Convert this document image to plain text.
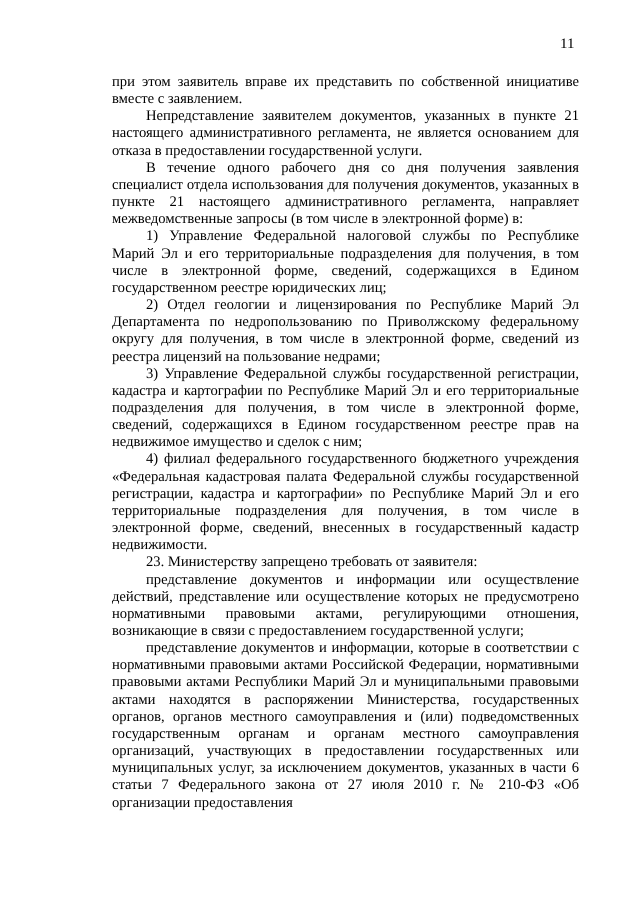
11

при этом заявитель вправе их представить по собственной инициативе вместе с заявлением.

Непредставление заявителем документов, указанных в пункте 21 настоящего административного регламента, не является основанием для отказа в предоставлении государственной услуги.

В течение одного рабочего дня со дня получения заявления специалист отдела использования для получения документов, указанных в пункте 21 настоящего административного регламента, направляет межведомственные запросы (в том числе в электронной форме) в:

1) Управление Федеральной налоговой службы по Республике Марий Эл и его территориальные подразделения для получения, в том числе в электронной форме, сведений, содержащихся в Едином государственном реестре юридических лиц;

2) Отдел геологии и лицензирования по Республике Марий Эл Департамента по недропользованию по Приволжскому федеральному округу для получения, в том числе в электронной форме, сведений из реестра лицензий на пользование недрами;

3) Управление Федеральной службы государственной регистрации, кадастра и картографии по Республике Марий Эл и его территориальные подразделения для получения, в том числе в электронной форме, сведений, содержащихся в Едином государственном реестре прав на недвижимое имущество и сделок с ним;

4) филиал федерального государственного бюджетного учреждения «Федеральная кадастровая палата Федеральной службы государственной регистрации, кадастра и картографии» по Республике Марий Эл и его территориальные подразделения для получения, в том числе в электронной форме, сведений, внесенных в государственный кадастр недвижимости.

23. Министерству запрещено требовать от заявителя:

представление документов и информации или осуществление действий, представление или осуществление которых не предусмотрено нормативными правовыми актами, регулирующими отношения, возникающие в связи с предоставлением государственной услуги;

представление документов и информации, которые в соответствии с нормативными правовыми актами Российской Федерации, нормативными правовыми актами Республики Марий Эл и муниципальными правовыми актами находятся в распоряжении Министерства, государственных органов, органов местного самоуправления и (или) подведомственных государственным органам и органам местного самоуправления организаций, участвующих в предоставлении государственных или муниципальных услуг, за исключением документов, указанных в части 6 статьи 7 Федерального закона от 27 июля 2010 г. № 210-ФЗ «Об организации предоставления
